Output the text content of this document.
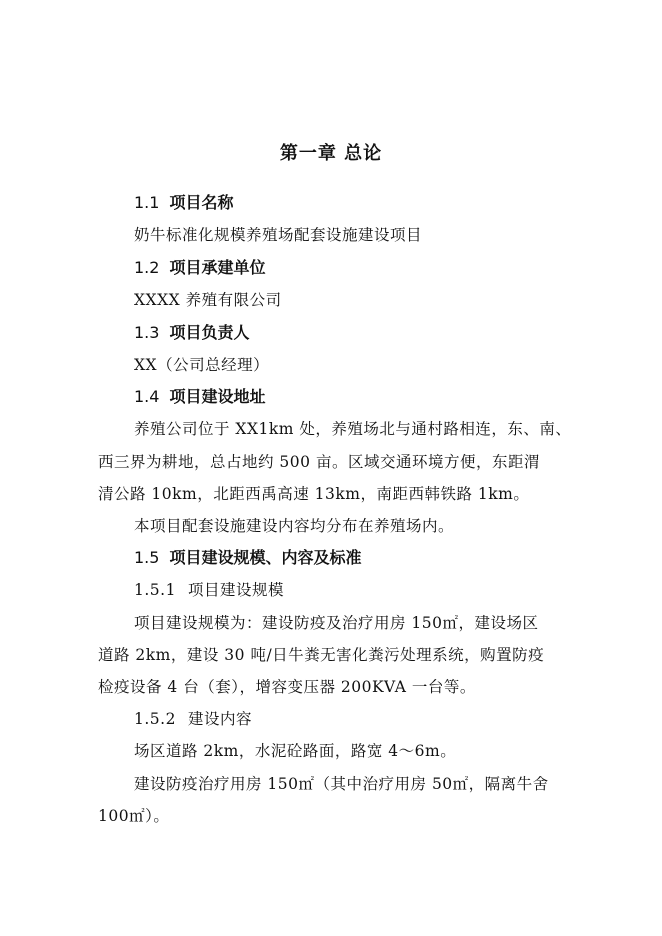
第一章 总论
1.1 项目名称
奶牛标准化规模养殖场配套设施建设项目
1.2 项目承建单位
XXXX 养殖有限公司
1.3 项目负责人
XX（公司总经理）
1.4 项目建设地址
养殖公司位于 XX1km 处，养殖场北与通村路相连，东、南、
西三界为耕地，总占地约 500 亩。区域交通环境方便，东距渭
清公路 10km，北距西禹高速 13km，南距西韩铁路 1km。
本项目配套设施建设内容均分布在养殖场内。
1.5 项目建设规模、内容及标准
1.5.1 项目建设规模
项目建设规模为：建设防疫及治疗用房 150㎡，建设场区
道路 2km，建设 30 吨/日牛粪无害化粪污处理系统，购置防疫
检疫设备 4 台（套），增容变压器 200KVA 一台等。
1.5.2 建设内容
场区道路 2km，水泥砼路面，路宽 4～6m。
建设防疫治疗用房 150㎡（其中治疗用房 50㎡，隔离牛舍
100㎡）。
